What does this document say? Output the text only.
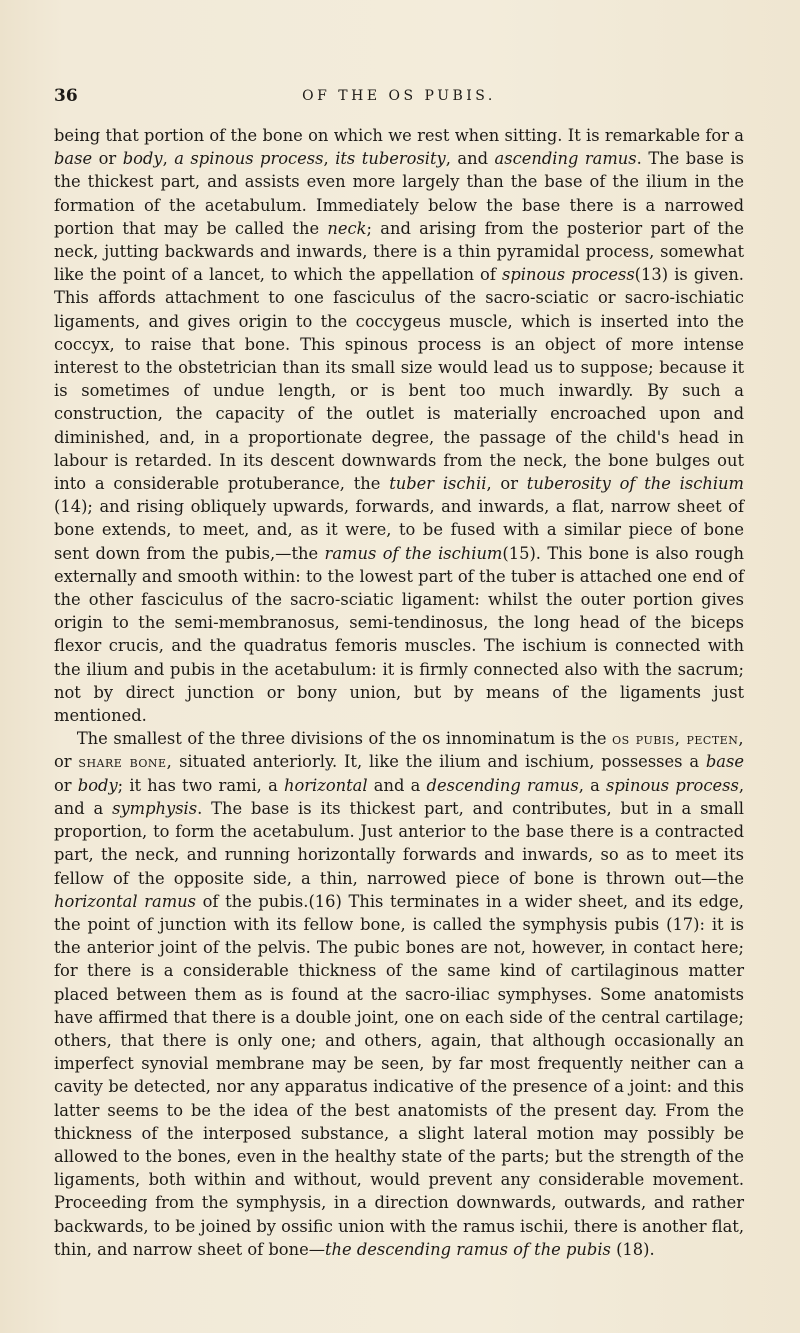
36	OF THE OS PUBIS.

being that portion of the bone on which we rest when sitting. It is remarkable for a base or body, a spinous process, its tuberosity, and ascending ramus. The base is the thickest part, and assists even more largely than the base of the ilium in the formation of the acetabulum. Immediately below the base there is a narrowed portion that may be called the neck; and arising from the posterior part of the neck, jutting backwards and inwards, there is a thin pyramidal process, somewhat like the point of a lancet, to which the appellation of spinous process(13) is given. This affords attachment to one fasciculus of the sacro-sciatic or sacro-ischiatic ligaments, and gives origin to the coccygeus muscle, which is inserted into the coccyx, to raise that bone. This spinous process is an object of more intense interest to the obstetrician than its small size would lead us to suppose; because it is sometimes of undue length, or is bent too much inwardly. By such a construction, the capacity of the outlet is materially encroached upon and diminished, and, in a proportionate degree, the passage of the child's head in labour is retarded. In its descent downwards from the neck, the bone bulges out into a considerable protuberance, the tuber ischii, or tuberosity of the ischium (14); and rising obliquely upwards, forwards, and inwards, a flat, narrow sheet of bone extends, to meet, and, as it were, to be fused with a similar piece of bone sent down from the pubis,—the ramus of the ischium(15). This bone is also rough externally and smooth within: to the lowest part of the tuber is attached one end of the other fasciculus of the sacro-sciatic ligament: whilst the outer portion gives origin to the semi-membranosus, semi-tendinosus, the long head of the biceps flexor crucis, and the quadratus femoris muscles. The ischium is connected with the ilium and pubis in the acetabulum: it is firmly connected also with the sacrum; not by direct junction or bony union, but by means of the ligaments just mentioned.

The smallest of the three divisions of the os innominatum is the os pubis, pecten, or share bone, situated anteriorly. It, like the ilium and ischium, possesses a base or body; it has two rami, a horizontal and a descending ramus, a spinous process, and a symphysis. The base is its thickest part, and contributes, but in a small proportion, to form the acetabulum. Just anterior to the base there is a contracted part, the neck, and running horizontally forwards and inwards, so as to meet its fellow of the opposite side, a thin, narrowed piece of bone is thrown out—the horizontal ramus of the pubis.(16) This terminates in a wider sheet, and its edge, the point of junction with its fellow bone, is called the symphysis pubis (17): it is the anterior joint of the pelvis. The pubic bones are not, however, in contact here; for there is a considerable thickness of the same kind of cartilaginous matter placed between them as is found at the sacro-iliac symphyses. Some anatomists have affirmed that there is a double joint, one on each side of the central cartilage; others, that there is only one; and others, again, that although occasionally an imperfect synovial membrane may be seen, by far most frequently neither can a cavity be detected, nor any apparatus indicative of the presence of a joint: and this latter seems to be the idea of the best anatomists of the present day. From the thickness of the interposed substance, a slight lateral motion may possibly be allowed to the bones, even in the healthy state of the parts; but the strength of the ligaments, both within and without, would prevent any considerable movement. Proceeding from the symphysis, in a direction downwards, outwards, and rather backwards, to be joined by ossific union with the ramus ischii, there is another flat, thin, and narrow sheet of bone—the descending ramus of the pubis (18).
